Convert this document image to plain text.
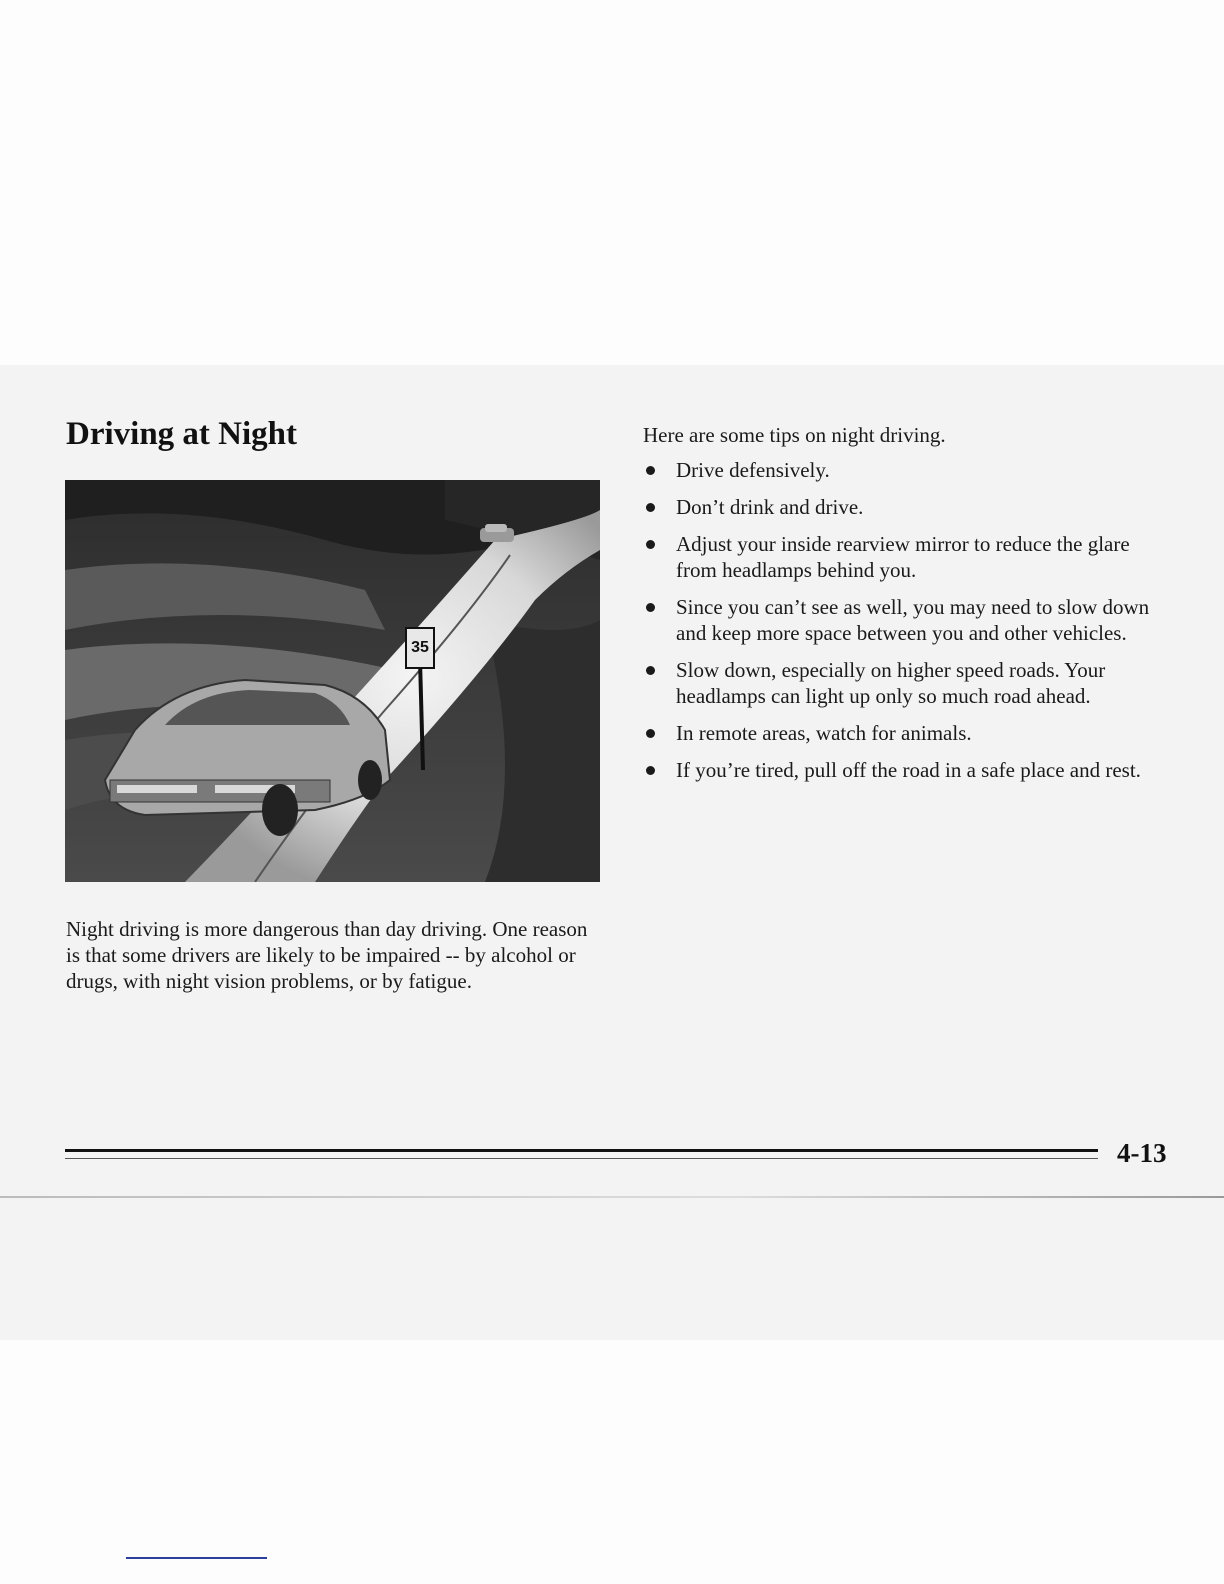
Driving at Night
35

Night driving is more dangerous than day driving. One reason is that some drivers are likely to be impaired -- by alcohol or drugs, with night vision problems, or by fatigue.

Here are some tips on night driving.

Drive defensively.
Don’t drink and drive.
Adjust your inside rearview mirror to reduce the glare from headlamps behind you.
Since you can’t see as well, you may need to slow down and keep more space between you and other vehicles.
Slow down, especially on higher speed roads. Your headlamps can light up only so much road ahead.
In remote areas, watch for animals.
If you’re tired, pull off the road in a safe place and rest.
4-13
